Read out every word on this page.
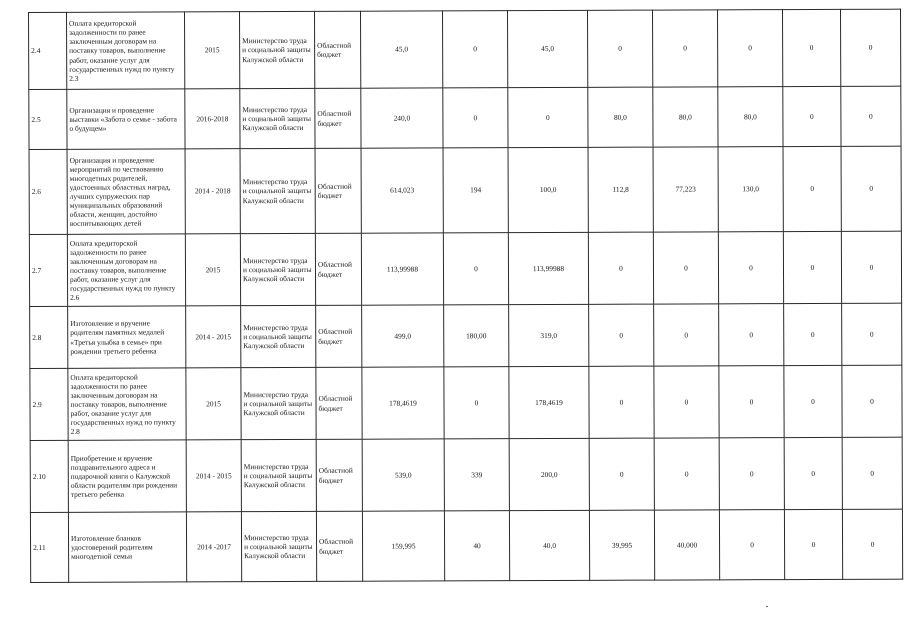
2.4	Оплата кредиторской задолженности по ранее заключенным договорам на поставку товаров, выполнение работ, оказание услуг для государственных нужд по пункту 2.3	2015	Министерство труда и социальной защиты Калужской области	Областной бюджет	45,0	0	45,0	0	0	0	0	0
2.5	Организация и проведение выставки «Забота о семье - забота о будущем»	2016-2018	Министерство труда и социальной защиты Калужской области	Областной бюджет	240,0	0	0	80,0	80,0	80,0	0	0
2.6	Организация и проведение мероприятий по чествованию многодетных родителей, удостоенных областных наград, лучших супружеских пар муниципальных образований области, женщин, достойно воспитывающих детей	2014 - 2018	Министерство труда и социальной защиты Калужской области	Областной бюджет	614,023	194	100,0	112,8	77,223	130,0	0	0
2.7	Оплата кредиторской задолженности по ранее заключенным договорам на поставку товаров, выполнение работ, оказание услуг для государственных нужд по пункту 2.6	2015	Министерство труда и социальной защиты Калужской области	Областной бюджет	113,99988	0	113,99988	0	0	0	0	0
2.8	Изготовление и вручение родителям памятных медалей «Третья улыбка в семье» при рождении третьего ребенка	2014 - 2015	Министерство труда и социальной защиты Калужской области	Областной бюджет	499,0	180,00	319,0	0	0	0	0	0
2.9	Оплата кредиторской задолженности по ранее заключенным договорам на поставку товаров, выполнение работ, оказание услуг для государственных нужд по пункту 2.8	2015	Министерство труда и социальной защиты Калужской области	Областной бюджет	178,4619	0	178,4619	0	0	0	0	0
2.10	Приобретение и вручение поздравительного адреса и подарочной книги о Калужской области родителям при рождении третьего ребенка	2014 - 2015	Министерство труда и социальной защиты Калужской области	Областной бюджет	539,0	339	200,0	0	0	0	0	0
2.11	Изготовление бланков удостоверений родителям многодетной семьи	2014 -2017	Министерство труда и социальной защиты Калужской области	Областной бюджет	159,995	40	40,0	39,995	40,000	0	0	0
